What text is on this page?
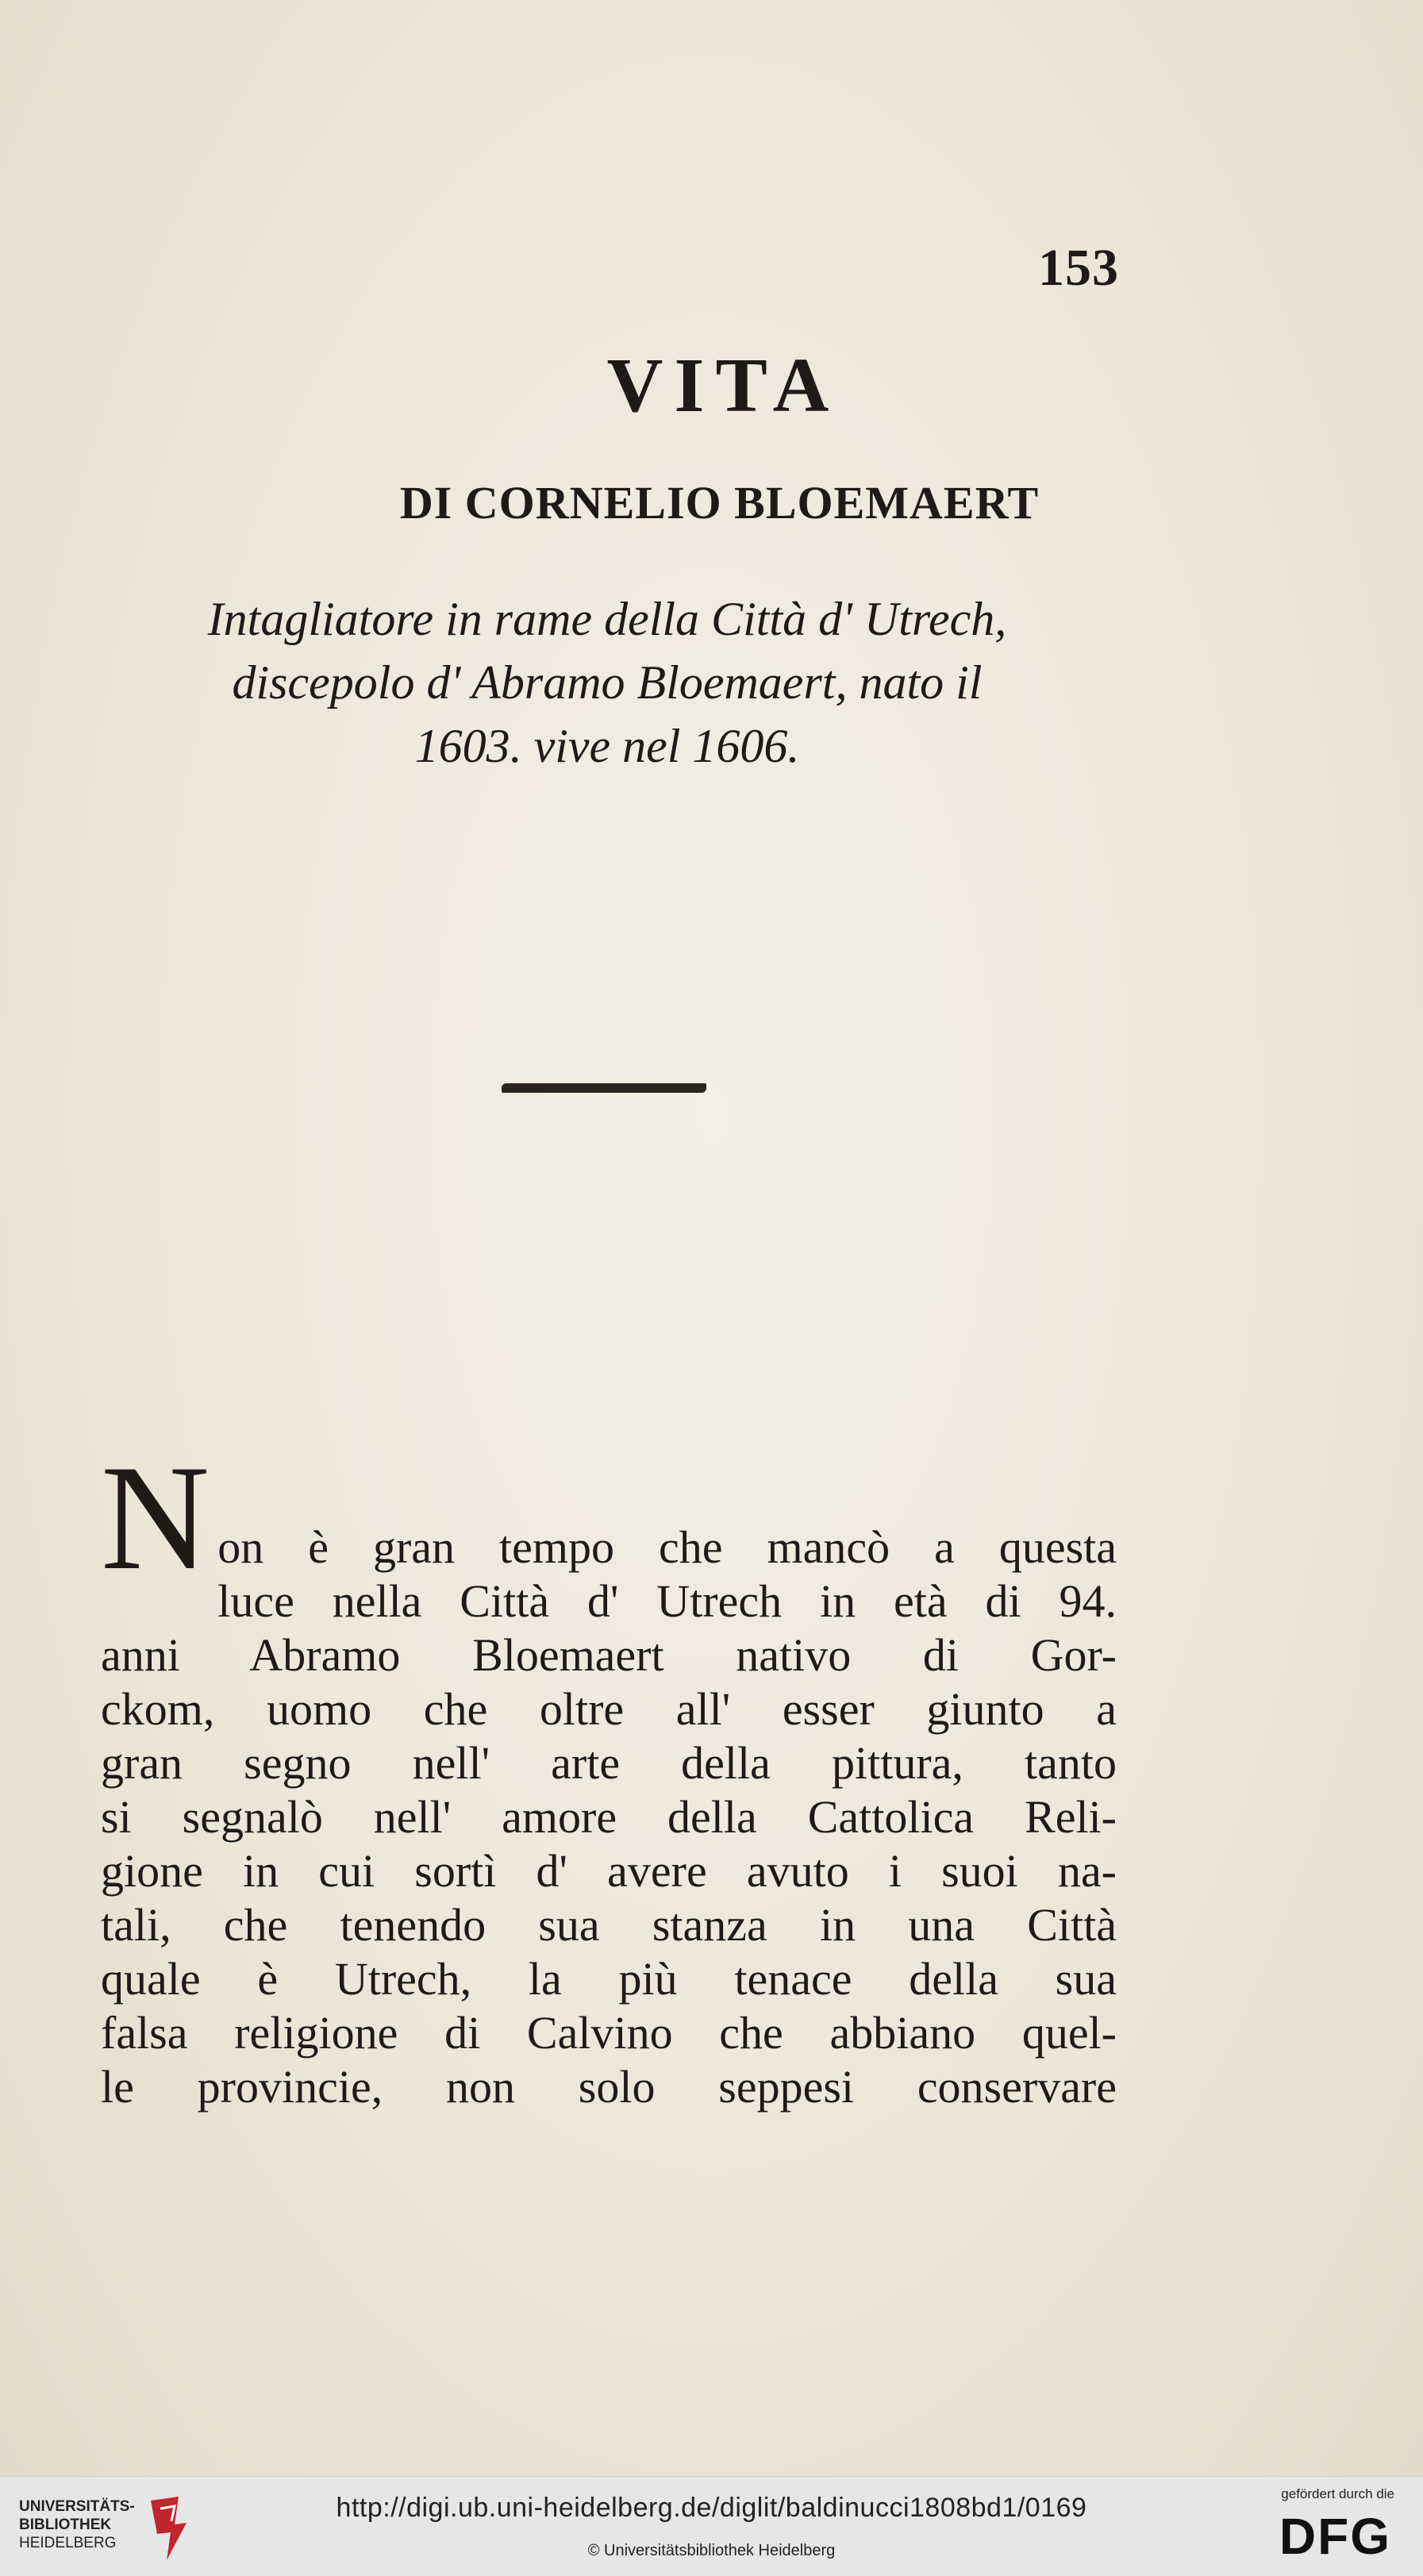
153
VITA
DI CORNELIO BLOEMAERT
Intagliatore in rame della Città d' Utrech,
discepolo d' Abramo Bloemaert, nato il
1603. vive nel 1606.
N on è gran tempo che mancò a questa
luce nella Città d' Utrech in età di 94.
anni Abramo Bloemaert nativo di Gor-
ckom, uomo che oltre all' esser giunto a
gran segno nell' arte della pittura, tanto
si segnalò nell' amore della Cattolica Reli-
gione in cui sortì d' avere avuto i suoi na-
tali, che tenendo sua stanza in una Città
quale è Utrech, la più tenace della sua
falsa religione di Calvino che abbiano quel-
le provincie, non solo seppesi conservare
UNIVERSITÄTS-
BIBLIOTHEK
HEIDELBERG
http://digi.ub.uni-heidelberg.de/diglit/baldinucci1808bd1/0169
© Universitätsbibliothek Heidelberg
gefördert durch die
DFG
